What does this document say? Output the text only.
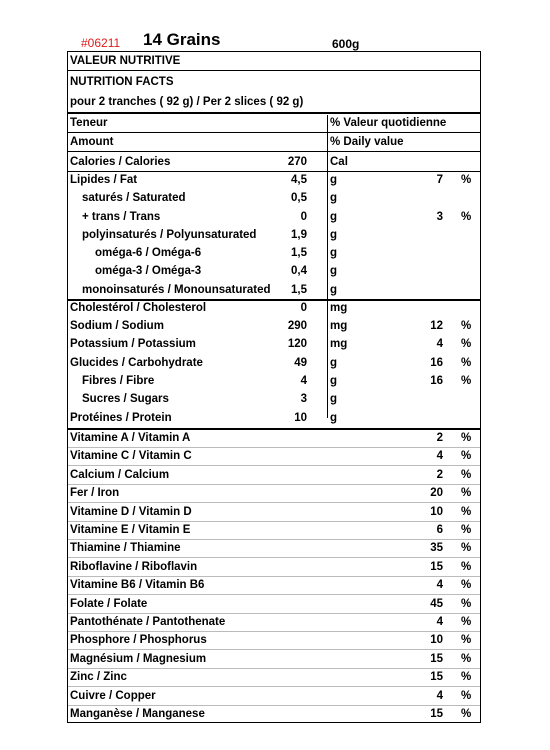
#06211 14 Grains	600g
VALEUR NUTRITIVE
NUTRITION FACTS
pour 2 tranches ( 92 g) / Per 2 slices ( 92 g)
Teneur	% Valeur quotidienne
Amount	% Daily value
Calories / Calories	270 Cal
Lipides / Fat	4,5 g	7 %
saturés / Saturated	0,5 g
+ trans / Trans	0 g	3 %
polyinsaturés / Polyunsaturated	1,9 g
oméga-6 / Oméga-6	1,5 g
oméga-3 / Oméga-3	0,4 g
monoinsaturés / Monounsaturated 1,5 g
Cholestérol / Cholesterol	0 mg
Sodium / Sodium	290 mg	12 %
Potassium / Potassium	120 mg	4 %
Glucides / Carbohydrate	49 g	16 %
Fibres / Fibre	4 g	16 %
Sucres / Sugars	3 g
Protéines / Protein	10 g
Vitamine A / Vitamin A	2 %
Vitamine C / Vitamin C	4 %
Calcium / Calcium	2 %
Fer / Iron	20 %
Vitamine D / Vitamin D	10 %
Vitamine E / Vitamin E	6 %
Thiamine / Thiamine	35 %
Riboflavine / Riboflavin	15 %
Vitamine B6 / Vitamin B6	4 %
Folate / Folate	45 %
Pantothénate / Pantothenate	4 %
Phosphore / Phosphorus	10 %
Magnésium / Magnesium	15 %
Zinc / Zinc	15 %
Cuivre / Copper	4 %
Manganèse / Manganese	15 %
